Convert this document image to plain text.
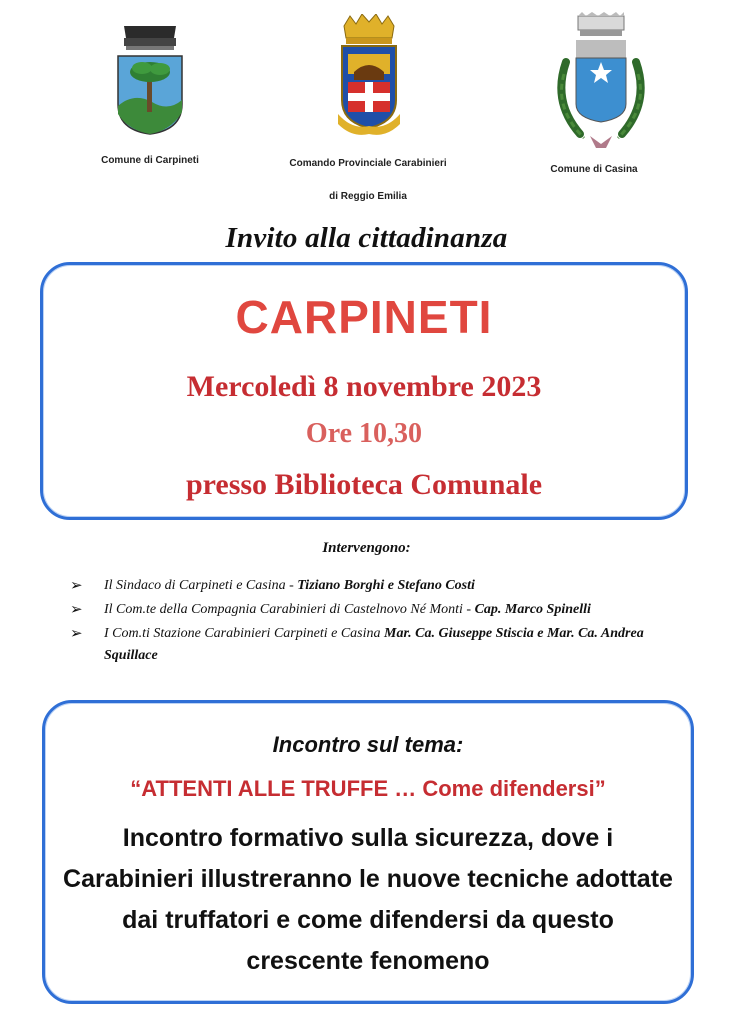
Comune di Carpineti	Comando Provinciale Carabinieri
di Reggio Emilia
Comune di Casina
Invito alla cittadinanza
CARPINETI
Mercoledì 8 novembre 2023
Ore 10,30
presso Biblioteca Comunale
Intervengono:
➢ Il Sindaco di Carpineti e Casina - Tiziano Borghi e Stefano Costi
➢ Il Com.te della Compagnia Carabinieri di Castelnovo Né Monti - Cap. Marco Spinelli
➢ I Com.ti Stazione Carabinieri Carpineti e Casina Mar. Ca. Giuseppe Stiscia e Mar. Ca. Andrea Squillace
Incontro sul tema:
“ATTENTI ALLE TRUFFE … Come difendersi”
Incontro formativo sulla sicurezza, dove i Carabinieri illustreranno le nuove tecniche adottate dai truffatori e come difendersi da questo crescente fenomeno
